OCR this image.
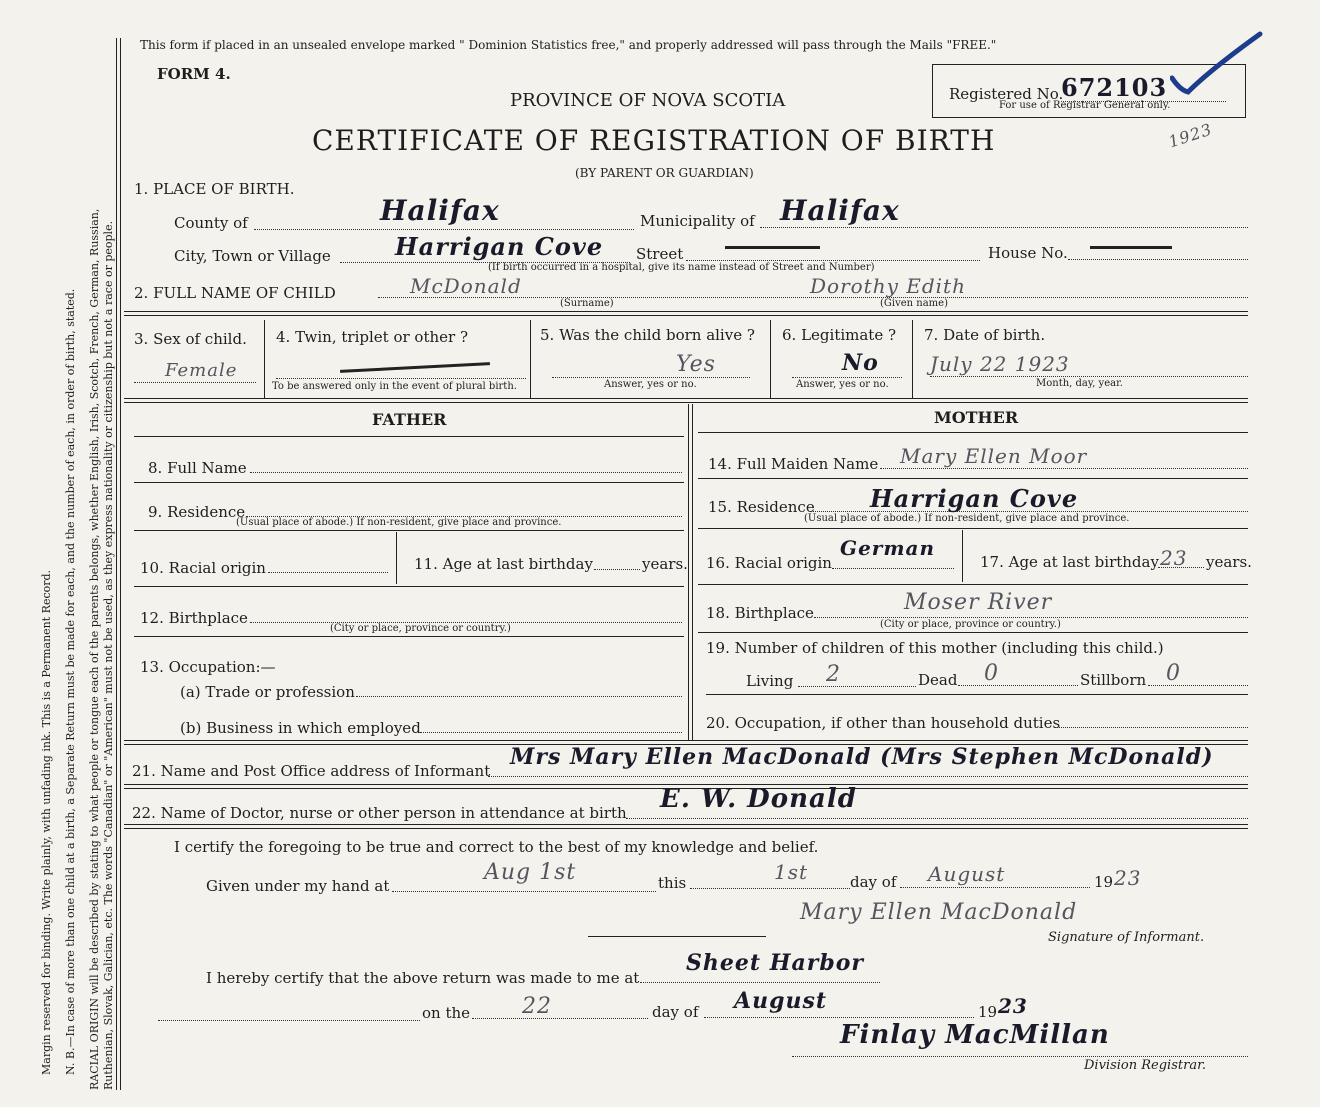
Margin reserved for binding. Write plainly, with unfading ink. This is a Permanent Record. N. B.—In case of more than one child at a birth, a Separate Return must be made for each, and the number of each, in order of birth, stated. RACIAL ORIGIN will be described by stating to what people or tongue each of the parents belongs, whether English, Irish, Scotch, French, German, Russian, Ruthenian, Slovak, Galician, etc. The words "Canadian" or "American" must not be used, as they express nationality or citizenship but not a race or people.
This form if placed in an unsealed envelope marked " Dominion Statistics free," and properly addressed will pass through the Mails "FREE."
FORM 4.
PROVINCE OF NOVA SCOTIA
CERTIFICATE OF REGISTRATION OF BIRTH
(BY PARENT OR GUARDIAN)
Registered No.
672103
For use of Registrar General only.
1923
1. PLACE OF BIRTH.
County of	Halifax	Municipality of Halifax
City, Town or Village	Harrigan Cove Street	House No.
(If birth occurred in a hospital, give its name instead of Street and Number)
2. FULL NAME OF CHILD	McDonald	Dorothy Edith
(Surname)	(Given name)
3. Sex of child.
Female
4. Twin, triplet or other ?
To be answered only in the event of plural birth.
5. Was the child born alive ?
Yes
Answer, yes or no.
6. Legitimate ?
No
Answer, yes or no.
7. Date of birth.
July 22 1923
Month, day, year.
FATHER
8. Full Name
9. Residence
(Usual place of abode.) If non-resident, give place and province.
10. Racial origin	11. Age at last birthday	years.
12. Birthplace
(City or place, province or country.)
13. Occupation:—
(a) Trade or profession
(b) Business in which employed
MOTHER
14. Full Maiden Name Mary Ellen Moor
15. Residence Harrigan Cove
(Usual place of abode.) If non-resident, give place and province.
16. Racial origin
German
17. Age at last birthday 23 years.
18. Birthplace	Moser River
(City or place, province or country.)
19. Number of children of this mother (including this child.)
Living 2	Dead 0	Stillborn 0
20. Occupation, if other than household duties
21. Name and Post Office address of Informant
Mrs Mary Ellen MacDonald (Mrs Stephen McDonald)
22. Name of Doctor, nurse or other person in attendance at birth E. W. Donald
I certify the foregoing to be true and correct to the best of my knowledge and belief.
Given under my hand at
Aug 1st	this	1st	day of August	19 23
Mary Ellen MacDonald
Signature of Informant.
I hereby certify that the above return was made to me at
Sheet Harbor
on the 22	day of August	19 23
Finlay MacMillan
Division Registrar.
